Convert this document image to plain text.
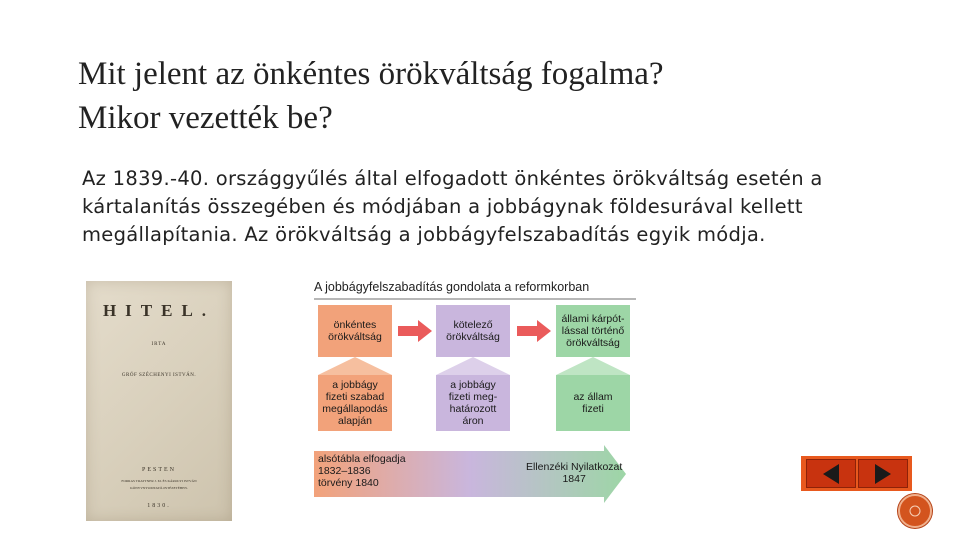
Mit jelent az önkéntes örökváltság fogalma?
Mikor vezették be?
Az 1839.-40. országgyűlés által elfogadott önkéntes örökváltság esetén a kártalanítás összegében és módjában a jobbágynak földesurával kellett megállapítania. Az örökváltság a jobbágyfelszabadítás egyik módja.
HITEL.
IRTA
GRÓF SZÉCHENYI ISTVÁN.
PESTEN
FORRAS TRATTNER J. M. ÉS KÁROLYI ISTVÁN
KÖNYVNYOMTATÓ-INTÉZETÉBEN.
1830.
A jobbágyfelszabadítás gondolata a reformkorban
önkéntes
örökváltság
kötelező
örökváltság
állami kárpót-
lással történő
örökváltság
a jobbágy
fizeti szabad
megállapodás
alapján
a jobbágy
fizeti meg-
határozott
áron
az állam
fizeti
alsótábla elfogadja
1832–1836
törvény 1840
Ellenzéki Nyilatkozat
1847
